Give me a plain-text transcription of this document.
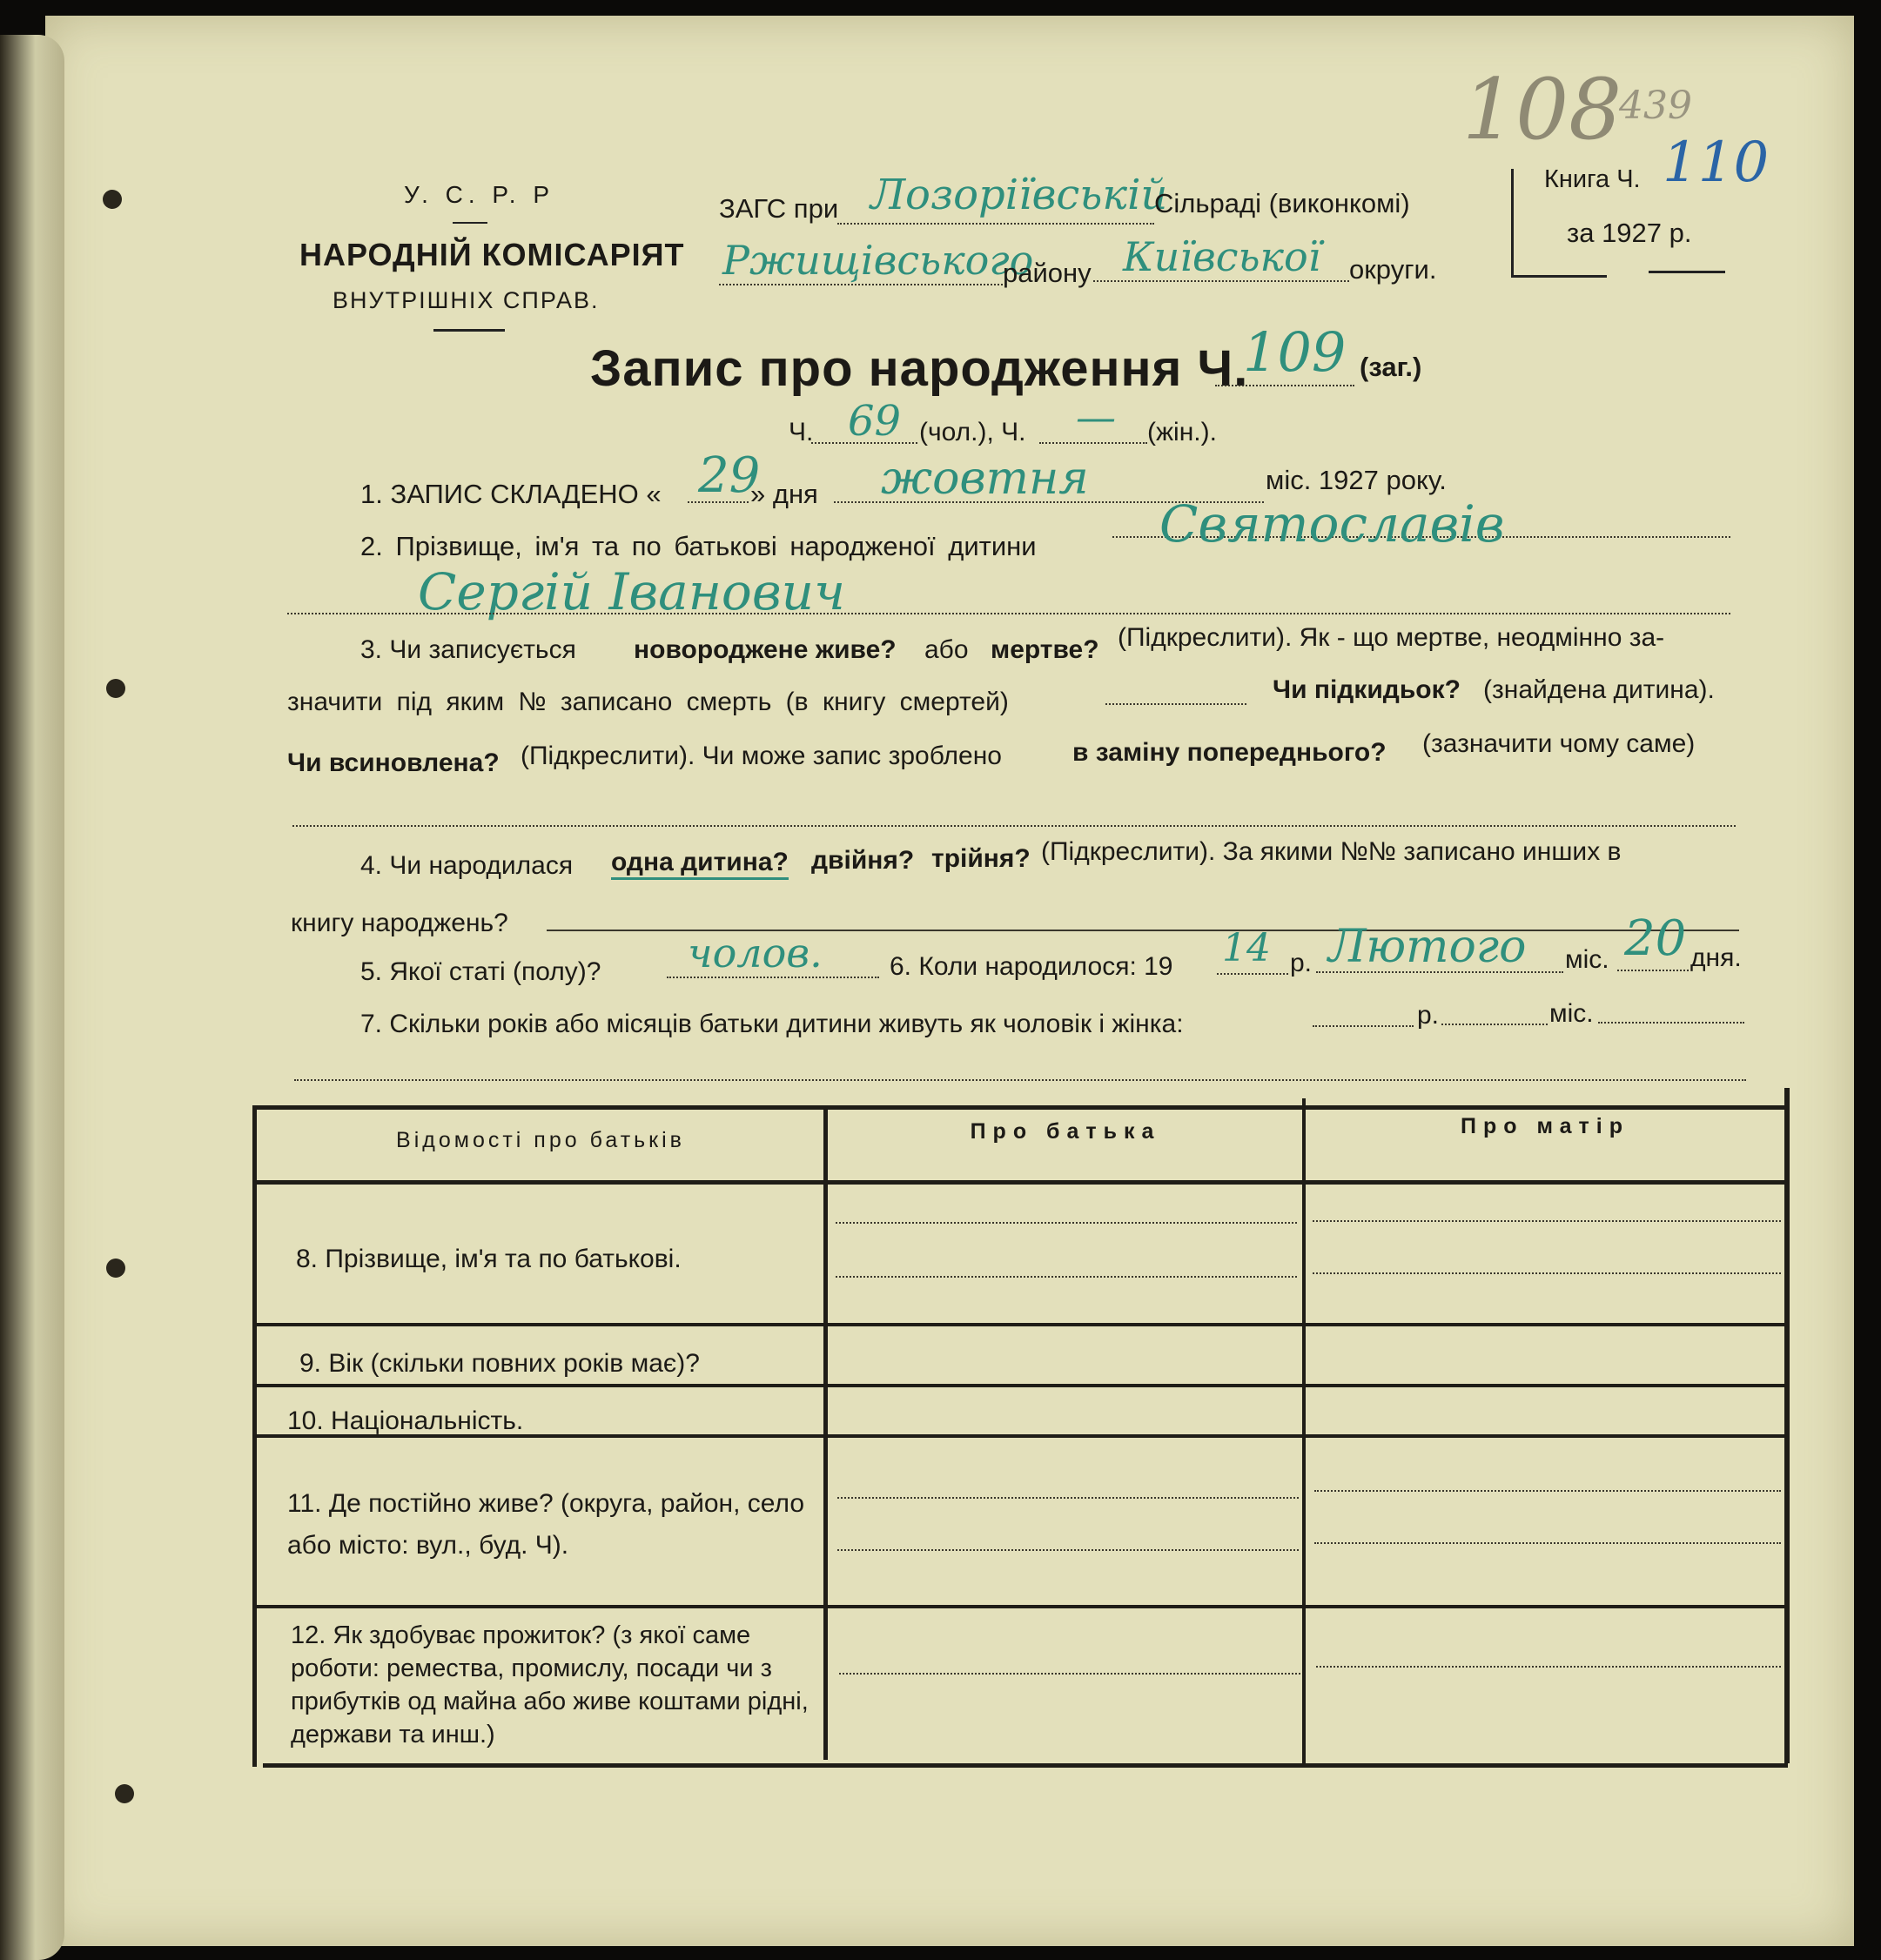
108
439
У. С. Р. Р
НАРОДНІЙ КОМІСАРІЯТ
ВНУТРІШНІХ СПРАВ.
ЗАГС при Лозоріївській
Сільраді (виконкомі)
Ржищівського
району Київської округи.
Книга Ч. 110
за 1927 р.
Запис про народження Ч.
109 (заг.)
Ч. 69 (чол.), Ч. — (жін.).
1. ЗАПИС СКЛАДЕНО « 29
» дня жовтня	міс. 1927 року.
2. Прізвище, ім'я та по батькові народженої дитини Святославів
Сергій Іванович
3. Чи записується новороджене живе? або мертве? (Підкреслити). Як - що мертве, неодмінно за-
значити під яким № записано смерть (в книгу смертей)	Чи підкидьок? (знайдена дитина).
Чи всиновлена? (Підкреслити). Чи може запис зроблено	в заміну попереднього? (зазначити чому саме)
4. Чи народилася одна дитина? двійня? трійня? (Підкреслити). За якими №№ записано инших в
книгу народжень?
5. Якої статі (полу)? чолов.	6. Коли народилося: 19 14 р. Лютого міс. 20 дня.
7. Скільки років або місяців батьки дитини живуть як чоловік і жінка:	р.	міс.
Відомості про батьків	Про батька	Про матір
8. Прізвище, ім'я та по батькові.
9. Вік (скільки повних років має)?
10. Національність.
11. Де постійно живе? (округа, район, село або місто: вул., буд. Ч).
12. Як здобуває прожиток? (з якої саме роботи: ремества, промислу, посади чи з прибутків од майна або живе коштами рідні, держави та инш.)
